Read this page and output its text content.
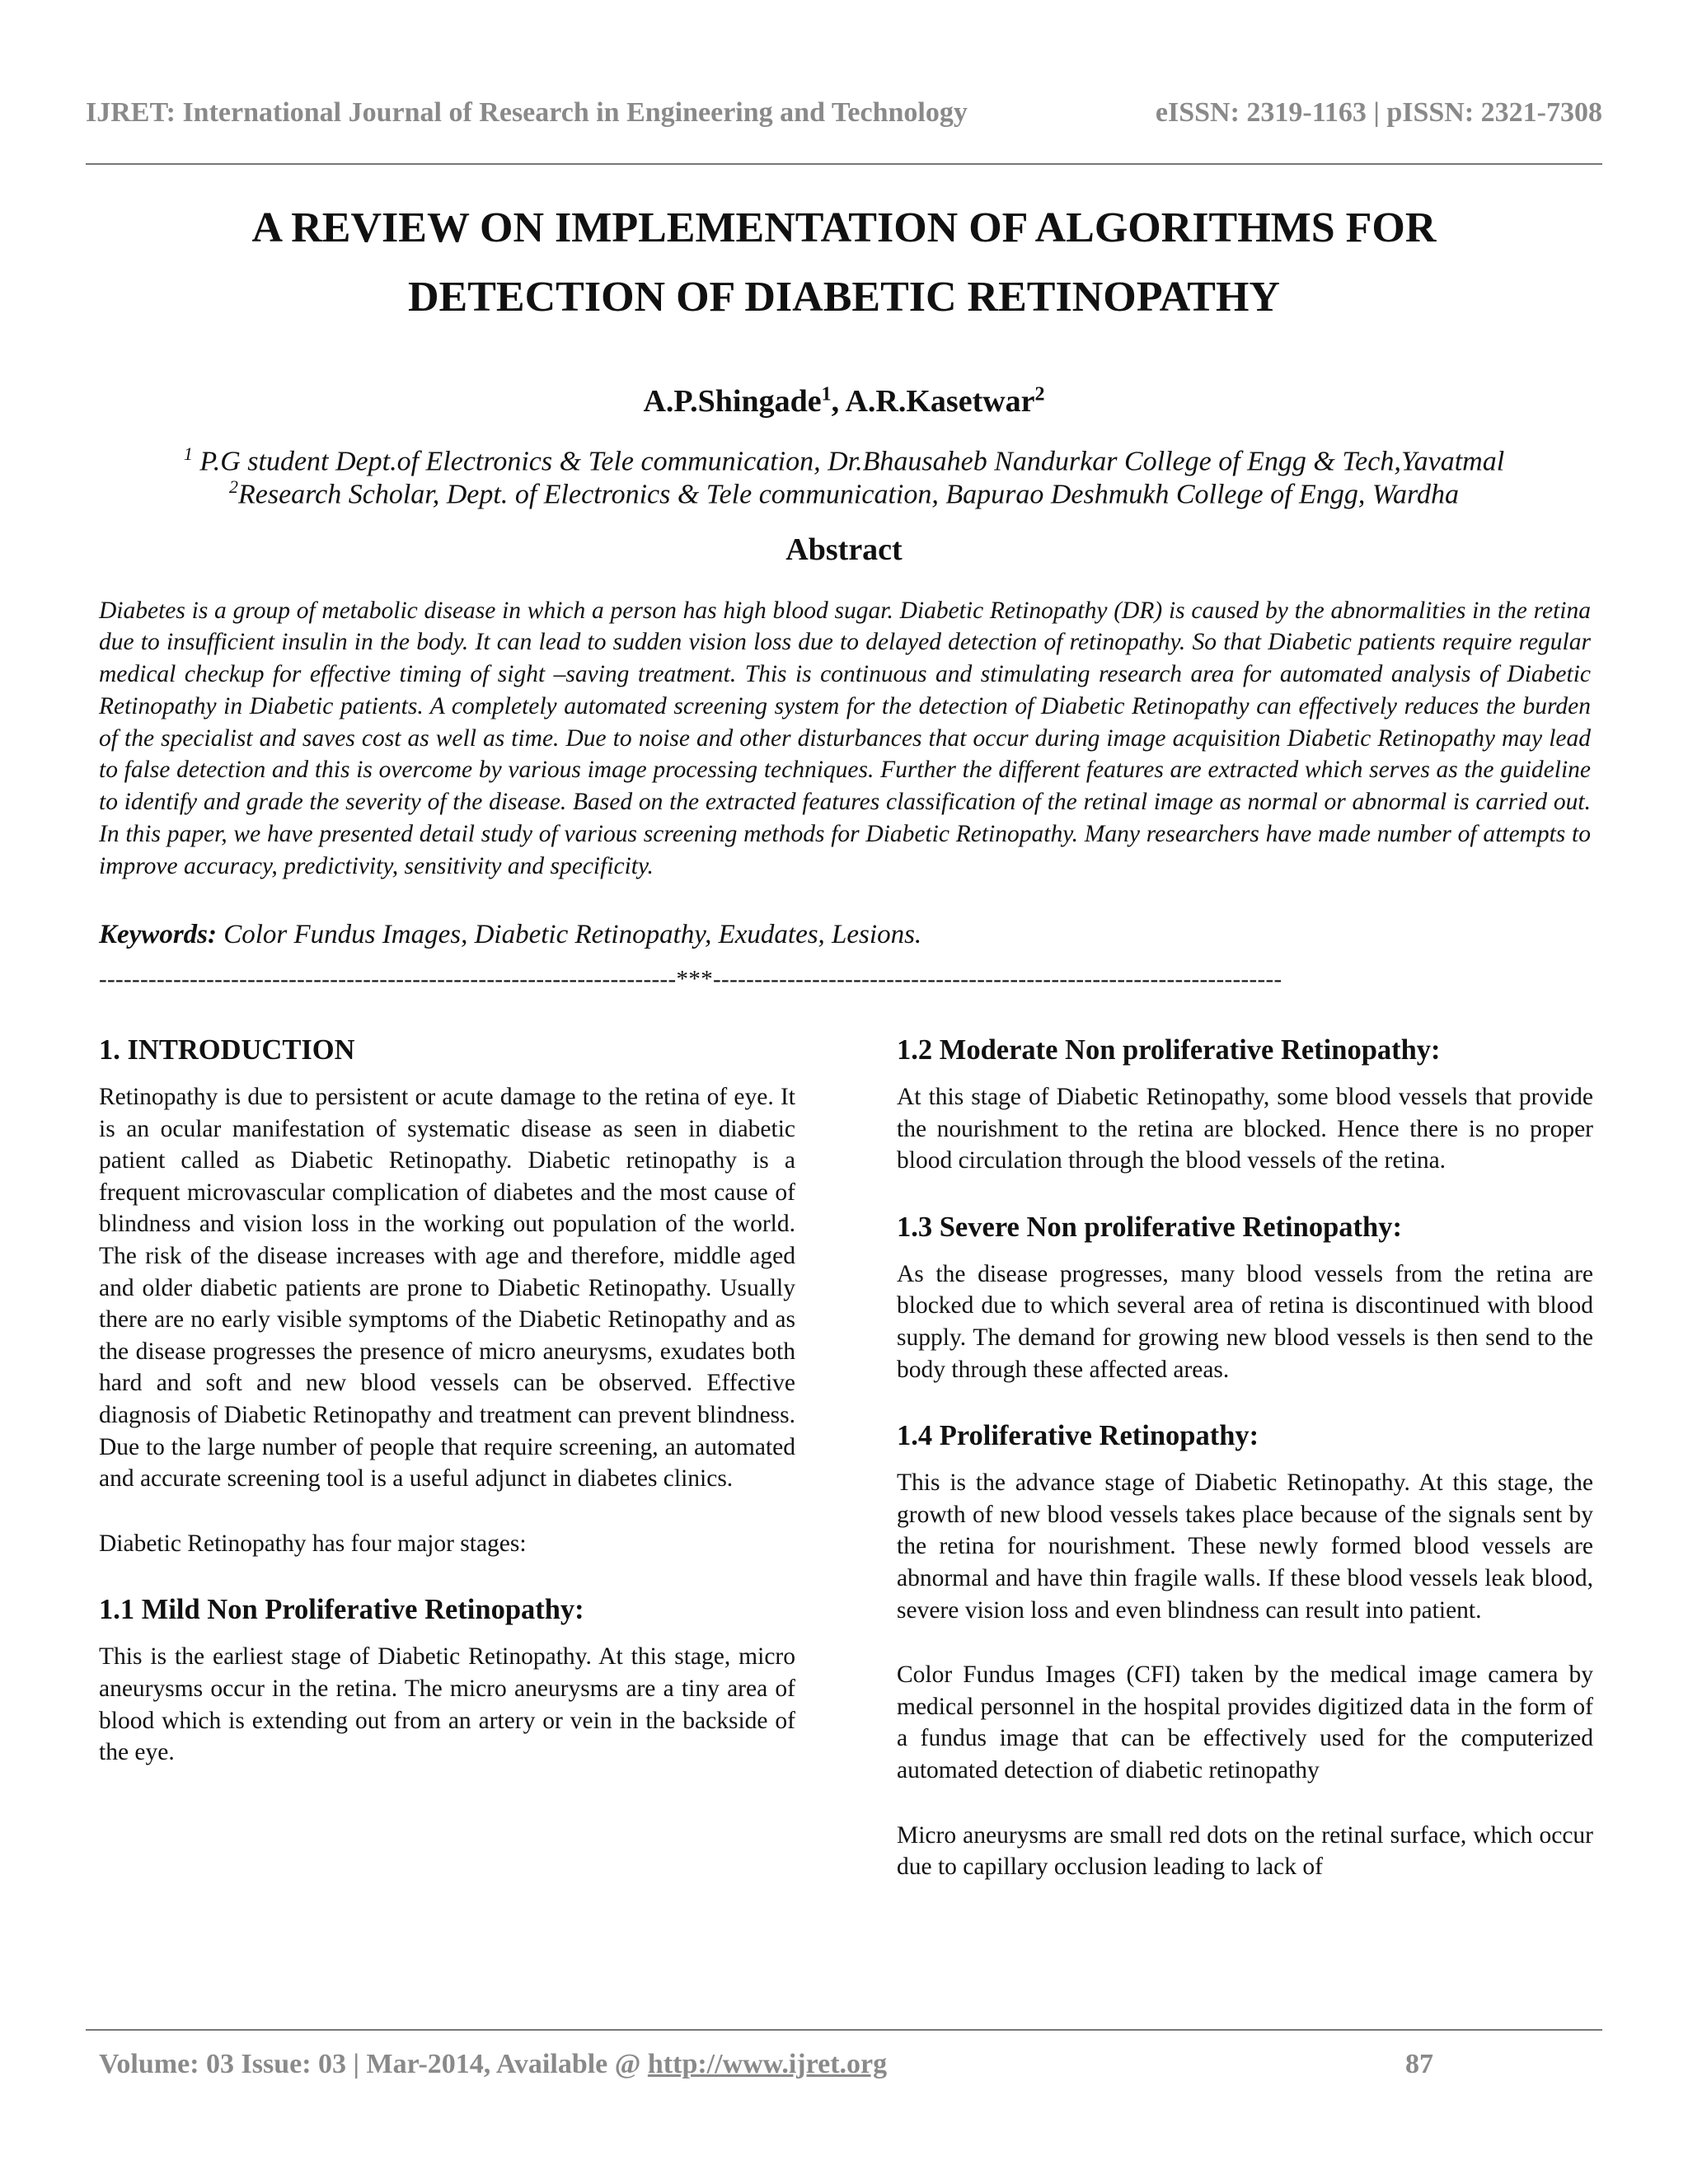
IJRET: International Journal of Research in Engineering and Technology	eISSN: 2319-1163 | pISSN: 2321-7308
A REVIEW ON IMPLEMENTATION OF ALGORITHMS FOR
DETECTION OF DIABETIC RETINOPATHY
A.P.Shingade$^1$, A.R.Kasetwar$^2$
$^1$ P.G student Dept.of Electronics & Tele communication, Dr.Bhausaheb Nandurkar College of Engg & Tech,Yavatmal
$^2$Research Scholar, Dept. of Electronics & Tele communication, Bapurao Deshmukh College of Engg, Wardha
Abstract

Diabetes is a group of metabolic disease in which a person has high blood sugar. Diabetic Retinopathy (DR) is caused by the abnormalities in the retina due to insufficient insulin in the body. It can lead to sudden vision loss due to delayed detection of retinopathy. So that Diabetic patients require regular medical checkup for effective timing of sight –saving treatment. This is continuous and stimulating research area for automated analysis of Diabetic Retinopathy in Diabetic patients. A completely automated screening system for the detection of Diabetic Retinopathy can effectively reduces the burden of the specialist and saves cost as well as time. Due to noise and other disturbances that occur during image acquisition Diabetic Retinopathy may lead to false detection and this is overcome by various image processing techniques. Further the different features are extracted which serves as the guideline to identify and grade the severity of the disease. Based on the extracted features classification of the retinal image as normal or abnormal is carried out. In this paper, we have presented detail study of various screening methods for Diabetic Retinopathy. Many researchers have made number of attempts to improve accuracy, predictivity, sensitivity and specificity.

Keywords: Color Fundus Images, Diabetic Retinopathy, Exudates, Lesions.
----------------------------------------------------------------------***---------------------------------------------------------------------
1. INTRODUCTION

Retinopathy is due to persistent or acute damage to the retina of eye. It is an ocular manifestation of systematic disease as seen in diabetic patient called as Diabetic Retinopathy. Diabetic retinopathy is a frequent microvascular complication of diabetes and the most cause of blindness and vision loss in the working out population of the world. The risk of the disease increases with age and therefore, middle aged and older diabetic patients are prone to Diabetic Retinopathy. Usually there are no early visible symptoms of the Diabetic Retinopathy and as the disease progresses the presence of micro aneurysms, exudates both hard and soft and new blood vessels can be observed. Effective diagnosis of Diabetic Retinopathy and treatment can prevent blindness. Due to the large number of people that require screening, an automated and accurate screening tool is a useful adjunct in diabetes clinics.

Diabetic Retinopathy has four major stages:

1.1 Mild Non Proliferative Retinopathy:

This is the earliest stage of Diabetic Retinopathy. At this stage, micro aneurysms occur in the retina. The micro aneurysms are a tiny area of blood which is extending out from an artery or vein in the backside of the eye.

1.2 Moderate Non proliferative Retinopathy:

At this stage of Diabetic Retinopathy, some blood vessels that provide the nourishment to the retina are blocked. Hence there is no proper blood circulation through the blood vessels of the retina.

1.3 Severe Non proliferative Retinopathy:

As the disease progresses, many blood vessels from the retina are blocked due to which several area of retina is discontinued with blood supply. The demand for growing new blood vessels is then send to the body through these affected areas.

1.4 Proliferative Retinopathy:

This is the advance stage of Diabetic Retinopathy. At this stage, the growth of new blood vessels takes place because of the signals sent by the retina for nourishment. These newly formed blood vessels are abnormal and have thin fragile walls. If these blood vessels leak blood, severe vision loss and even blindness can result into patient.

Color Fundus Images (CFI) taken by the medical image camera by medical personnel in the hospital provides digitized data in the form of a fundus image that can be effectively used for the computerized automated detection of diabetic retinopathy

Micro aneurysms are small red dots on the retinal surface, which occur due to capillary occlusion leading to lack of

Volume: 03 Issue: 03 | Mar-2014, Available @ http://www.ijret.org	87
